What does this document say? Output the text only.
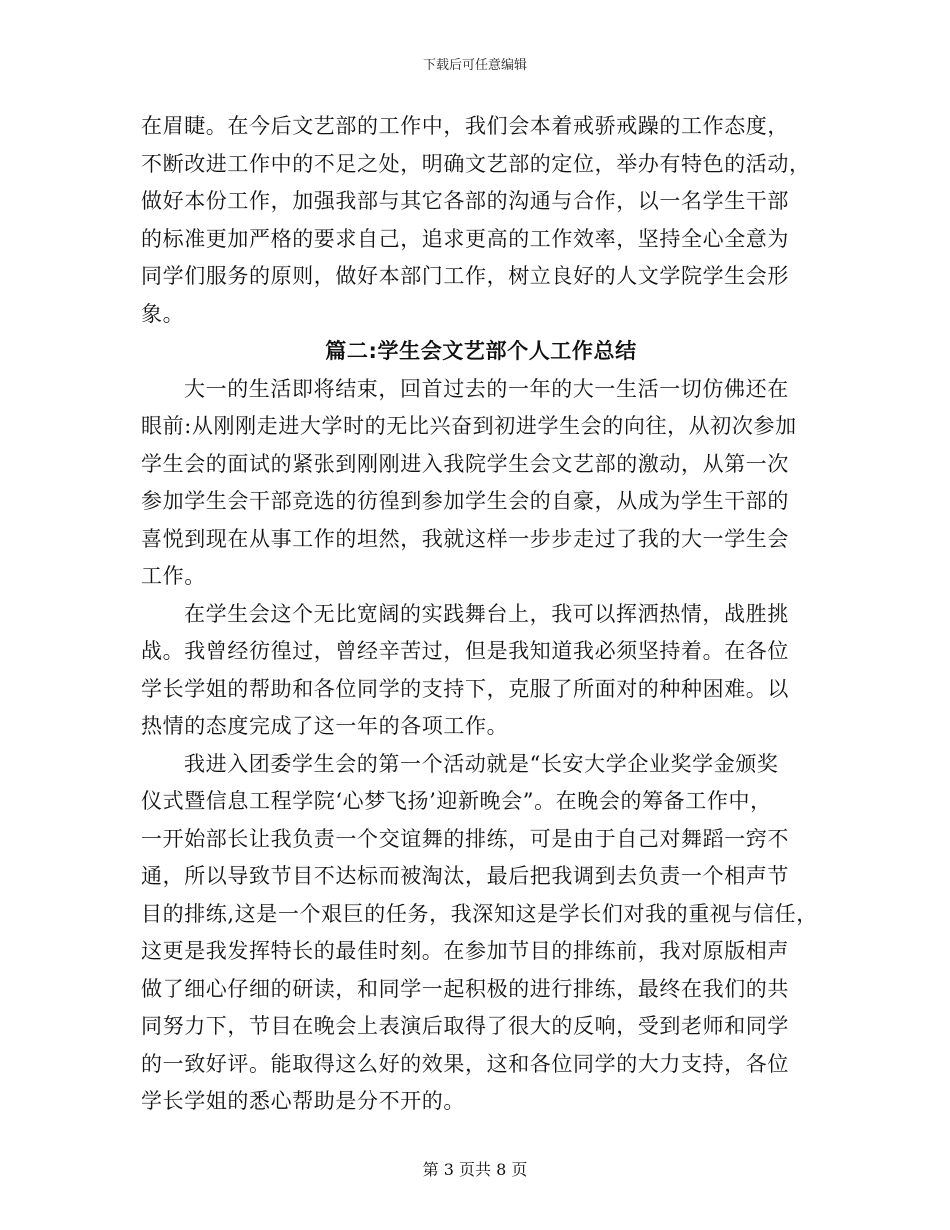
下载后可任意编辑

在眉睫。在今后文艺部的工作中，我们会本着戒骄戒躁的工作态度，
不断改进工作中的不足之处，明确文艺部的定位，举办有特色的活动，
做好本份工作，加强我部与其它各部的沟通与合作，以一名学生干部
的标准更加严格的要求自己，追求更高的工作效率，坚持全心全意为
同学们服务的原则，做好本部门工作，树立良好的人文学院学生会形
象。

篇二:学生会文艺部个人工作总结

大一的生活即将结束，回首过去的一年的大一生活一切仿佛还在
眼前:从刚刚走进大学时的无比兴奋到初进学生会的向往，从初次参加
学生会的面试的紧张到刚刚进入我院学生会文艺部的激动，从第一次
参加学生会干部竞选的彷徨到参加学生会的自豪，从成为学生干部的
喜悦到现在从事工作的坦然，我就这样一步步走过了我的大一学生会
工作。

在学生会这个无比宽阔的实践舞台上，我可以挥洒热情，战胜挑
战。我曾经彷徨过，曾经辛苦过，但是我知道我必须坚持着。在各位
学长学姐的帮助和各位同学的支持下，克服了所面对的种种困难。以
热情的态度完成了这一年的各项工作。

我进入团委学生会的第一个活动就是“长安大学企业奖学金颁奖
仪式暨信息工程学院‘心梦飞扬’迎新晚会”。在晚会的筹备工作中，
一开始部长让我负责一个交谊舞的排练，可是由于自己对舞蹈一窍不
通，所以导致节目不达标而被淘汰，最后把我调到去负责一个相声节
目的排练,这是一个艰巨的任务，我深知这是学长们对我的重视与信任，
这更是我发挥特长的最佳时刻。在参加节目的排练前，我对原版相声
做了细心仔细的研读，和同学一起积极的进行排练，最终在我们的共
同努力下，节目在晚会上表演后取得了很大的反响，受到老师和同学
的一致好评。能取得这么好的效果，这和各位同学的大力支持，各位
学长学姐的悉心帮助是分不开的。

第 3 页共 8 页
